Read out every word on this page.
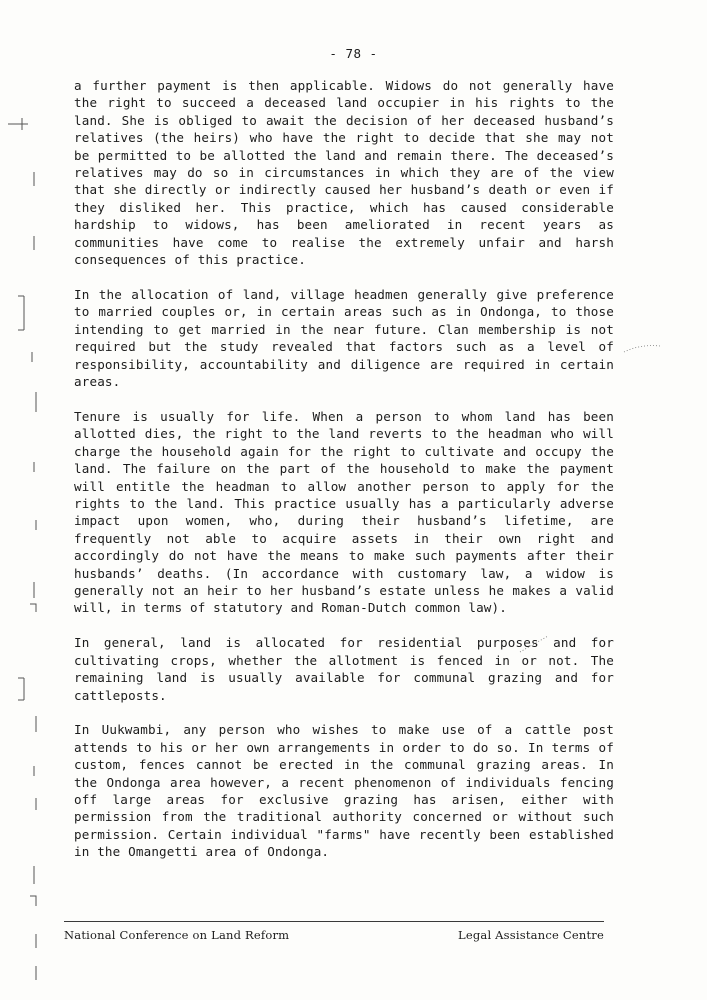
- 78 -

a further payment is then applicable. Widows do not generally have the right to succeed a deceased land occupier in his rights to the land. She is obliged to await the decision of her deceased husband’s relatives (the heirs) who have the right to decide that she may not be permitted to be allotted the land and remain there. The deceased’s relatives may do so in circumstances in which they are of the view that she directly or indirectly caused her husband’s death or even if they disliked her. This practice, which has caused considerable hardship to widows, has been ameliorated in recent years as communities have come to realise the extremely unfair and harsh consequences of this practice.

In the allocation of land, village headmen generally give preference to married couples or, in certain areas such as in Ondonga, to those intending to get married in the near future. Clan membership is not required but the study revealed that factors such as a level of responsibility, accountability and diligence are required in certain areas.

Tenure is usually for life. When a person to whom land has been allotted dies, the right to the land reverts to the headman who will charge the household again for the right to cultivate and occupy the land. The failure on the part of the household to make the payment will entitle the headman to allow another person to apply for the rights to the land. This practice usually has a particularly adverse impact upon women, who, during their husband’s lifetime, are frequently not able to acquire assets in their own right and accordingly do not have the means to make such payments after their husbands’ deaths. (In accordance with customary law, a widow is generally not an heir to her husband’s estate unless he makes a valid will, in terms of statutory and Roman-Dutch common law).

In general, land is allocated for residential purposes and for cultivating crops, whether the allotment is fenced in or not. The remaining land is usually available for communal grazing and for cattleposts.

In Uukwambi, any person who wishes to make use of a cattle post attends to his or her own arrangements in order to do so. In terms of custom, fences cannot be erected in the communal grazing areas. In the Ondonga area however, a recent phenomenon of individuals fencing off large areas for exclusive grazing has arisen, either with permission from the traditional authority concerned or without such permission. Certain individual "farms" have recently been established in the Omangetti area of Ondonga.

National Conference on Land Reform	Legal Assistance Centre
